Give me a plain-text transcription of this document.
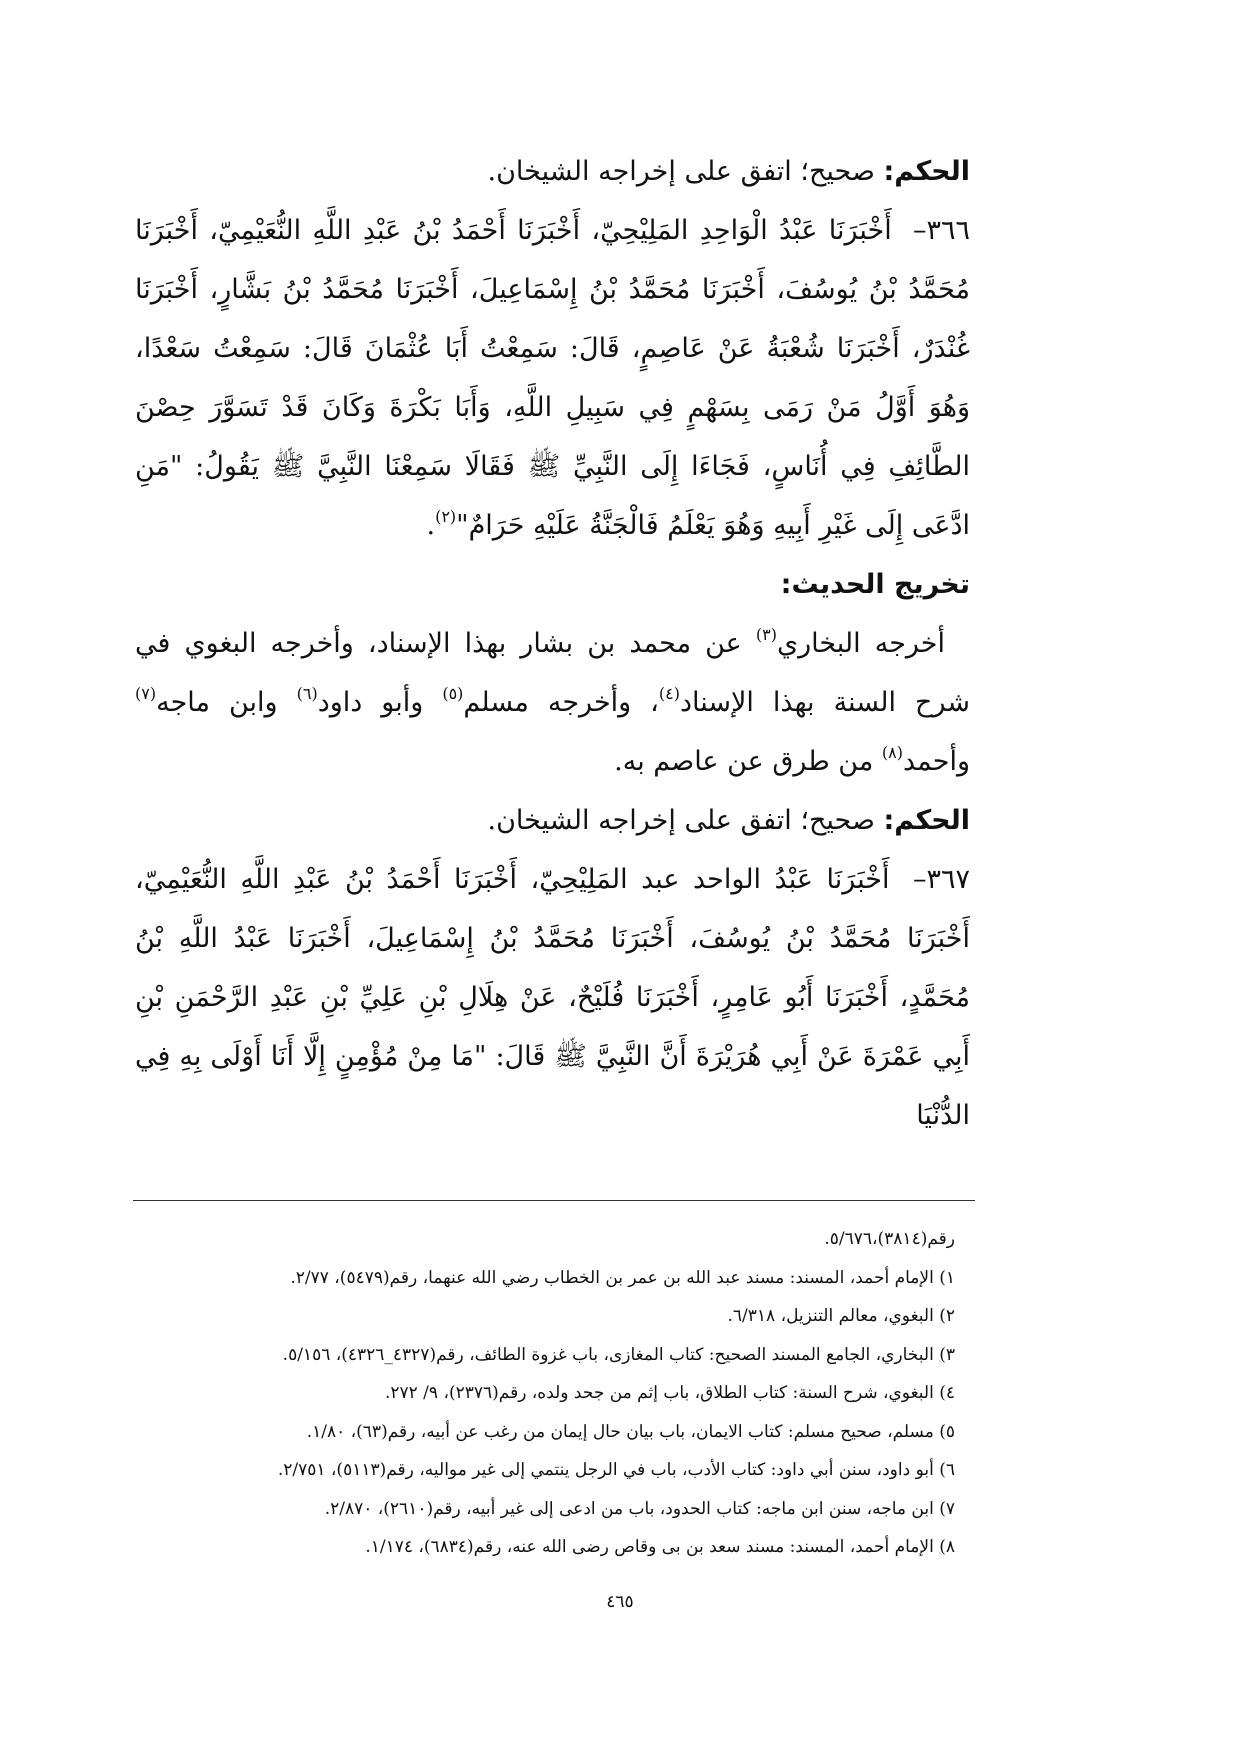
الحكم: صحيح؛ اتفق على إخراجه الشيخان.

٣٦٦– أَخْبَرَنَا عَبْدُ الْوَاحِدِ المَلِيْحِيّ، أَخْبَرَنَا أَحْمَدُ بْنُ عَبْدِ اللَّهِ النُّعَيْمِيّ، أَخْبَرَنَا مُحَمَّدُ بْنُ يُوسُفَ، أَخْبَرَنَا مُحَمَّدُ بْنُ إِسْمَاعِيلَ، أَخْبَرَنَا مُحَمَّدُ بْنُ بَشَّارٍ، أَخْبَرَنَا غُنْدَرٌ، أَخْبَرَنَا شُعْبَةُ عَنْ عَاصِمٍ، قَالَ: سَمِعْتُ أَبَا عُثْمَانَ قَالَ: سَمِعْتُ سَعْدًا، وَهُوَ أَوَّلُ مَنْ رَمَى بِسَهْمٍ فِي سَبِيلِ اللَّهِ، وَأَبَا بَكْرَةَ وَكَانَ قَدْ تَسَوَّرَ حِصْنَ الطَّائِفِ فِي أُنَاسٍ، فَجَاءَا إِلَى النَّبِيِّ ﷺ فَقَالَا سَمِعْنَا النَّبِيَّ ﷺ يَقُولُ: "مَنِ ادَّعَى إِلَى غَيْرِ أَبِيهِ وَهُوَ يَعْلَمُ فَالْجَنَّةُ عَلَيْهِ حَرَامٌ"$^{(٢)}$.

تخريج الحديث:

أخرجه البخاري$^{(٣)}$ عن محمد بن بشار بهذا الإسناد، وأخرجه البغوي في شرح السنة بهذا الإسناد$^{(٤)}$، وأخرجه مسلم$^{(٥)}$ وأبو داود$^{(٦)}$ وابن ماجه$^{(٧)}$ وأحمد$^{(٨)}$ من طرق عن عاصم به.

الحكم: صحيح؛ اتفق على إخراجه الشيخان.

٣٦٧– أَخْبَرَنَا عَبْدُ الواحد عبد المَلِيْحِيّ، أَخْبَرَنَا أَحْمَدُ بْنُ عَبْدِ اللَّهِ النُّعَيْمِيّ، أَخْبَرَنَا مُحَمَّدُ بْنُ يُوسُفَ، أَخْبَرَنَا مُحَمَّدُ بْنُ إِسْمَاعِيلَ، أَخْبَرَنَا عَبْدُ اللَّهِ بْنُ مُحَمَّدٍ، أَخْبَرَنَا أَبُو عَامِرٍ، أَخْبَرَنَا فُلَيْحٌ، عَنْ هِلَالِ بْنِ عَلِيِّ بْنِ عَبْدِ الرَّحْمَنِ بْنِ أَبِي عَمْرَةَ عَنْ أَبِي هُرَيْرَةَ أَنَّ النَّبِيَّ ﷺ قَالَ: "مَا مِنْ مُؤْمِنٍ إِلَّا أَنَا أَوْلَى بِهِ فِي الدُّنْيَا

رقم(٣٨١٤)،٥/٦٧٦.

١) الإمام أحمد، المسند: مسند عبد الله بن عمر بن الخطاب رضي الله عنهما، رقم(٥٤٧٩)، ٢/٧٧.

٢) البغوي، معالم التنزيل، ٦/٣١٨.

٣) البخاري، الجامع المسند الصحيح: كتاب المغازى، باب غزوة الطائف، رقم(٤٣٢٧_٤٣٢٦)، ٥/١٥٦.

٤) البغوي، شرح السنة: كتاب الطلاق، باب إثم من جحد ولده، رقم(٢٣٧٦)، ٩/ ٢٧٢.

٥) مسلم، صحيح مسلم: كتاب الايمان، باب بيان حال إيمان من رغب عن أبيه، رقم(٦٣)، ١/٨٠.

٦) أبو داود، سنن أبي داود: كتاب الأدب، باب في الرجل ينتمي إلى غير مواليه، رقم(٥١١٣)، ٢/٧٥١.

٧) ابن ماجه، سنن ابن ماجه: كتاب الحدود، باب من ادعى إلى غير أبيه، رقم(٢٦١٠)، ٢/٨٧٠.

٨) الإمام أحمد، المسند: مسند سعد بن بى وقاص رضى الله عنه، رقم(٦٨٣٤)، ١/١٧٤.

٤٦٥
